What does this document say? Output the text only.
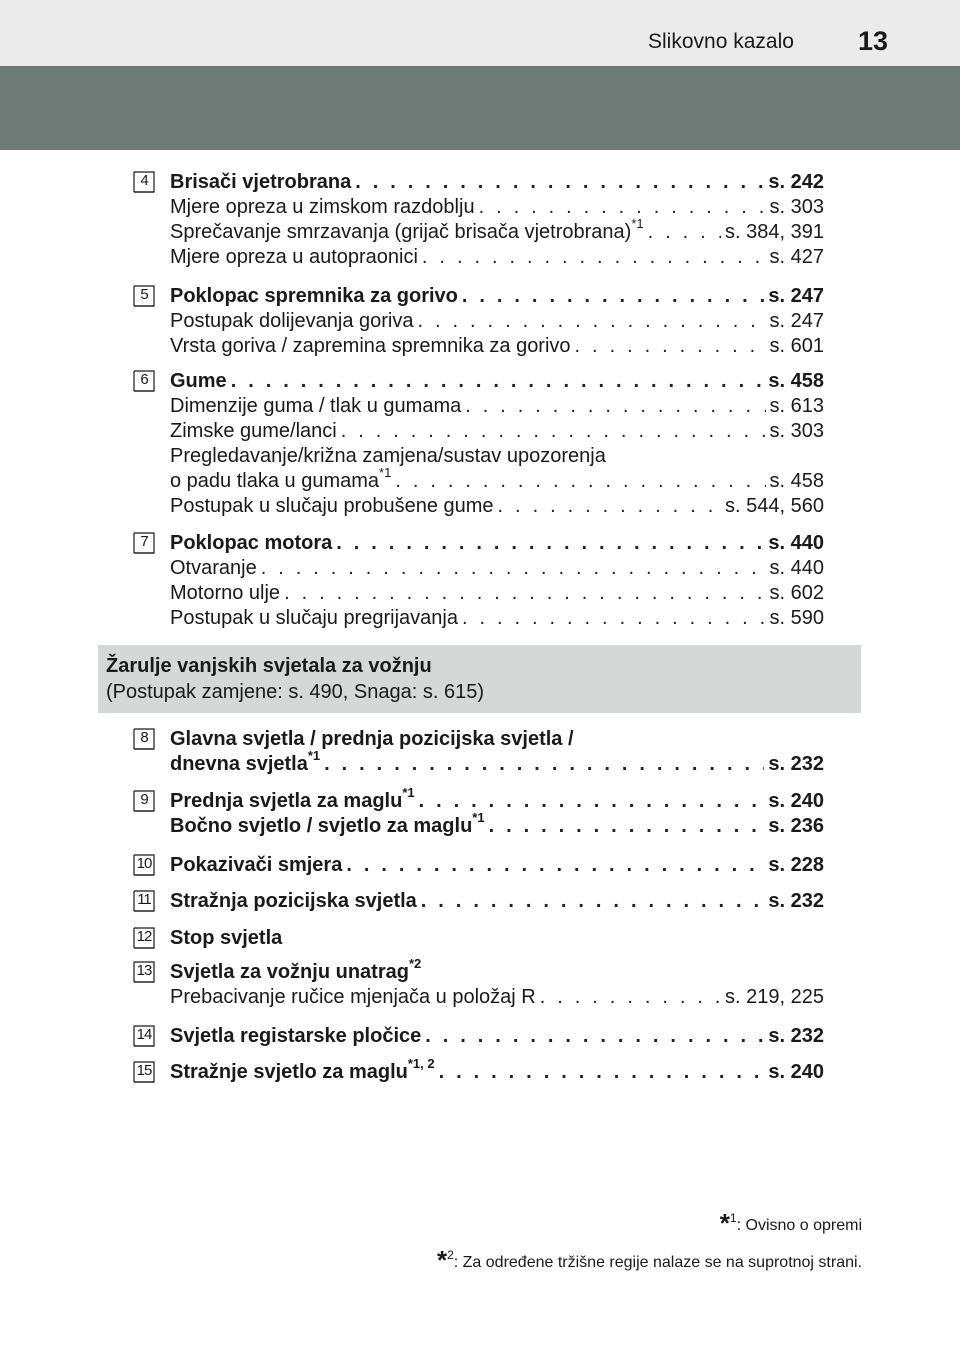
Slikovno kazalo 13
4	Brisači vjetrobrana . . .	s. 242
Mjere opreza u zimskom razdoblju . . .	s. 303
Sprečavanje smrzavanja (grijač brisača vjetrobrana)$^{*1}$ . . .	s. 384, 391
Mjere opreza u autopraonici . . .	s. 427
5	Poklopac spremnika za gorivo . . .	s. 247
Postupak dolijevanja goriva . . .	s. 247
Vrsta goriva / zapremina spremnika za gorivo . . .	s. 601
6	Gume . . .	s. 458
Dimenzije guma / tlak u gumama . . .	s. 613
Zimske gume/lanci . . .	s. 303
Pregledavanje/križna zamjena/sustav upozorenja
o padu tlaka u gumama$^{*1}$ . . .	s. 458
Postupak u slučaju probušene gume . . .	s. 544, 560
7	Poklopac motora . . .	s. 440
Otvaranje . . .	s. 440
Motorno ulje . . .	s. 602
Postupak u slučaju pregrijavanja . . .	s. 590
8	Glavna svjetla / prednja pozicijska svjetla /
dnevna svjetla$^{*1}$ . . .	s. 232
9	Prednja svjetla za maglu$^{*1}$ . . .	s. 240
Bočno svjetlo / svjetlo za maglu$^{*1}$ . . .	s. 236
10 Pokazivači smjera . . .	s. 228
11 Stražnja pozicijska svjetla . . .	s. 232
12 Stop svjetla
13 Svjetla za vožnju unatrag$^{*2}$
Prebacivanje ručice mjenjača u položaj R . . .	s. 219, 225
14 Svjetla registarske pločice . . .	s. 232
15 Stražnje svjetlo za maglu$^{*1, 2}$ . . .	s. 240
Žarulje vanjskih svjetala za vožnju
(Postupak zamjene: s. 490, Snaga: s. 615)
*$^1$: Ovisno o opremi
*$^2$: Za određene tržišne regije nalaze se na suprotnoj strani.
